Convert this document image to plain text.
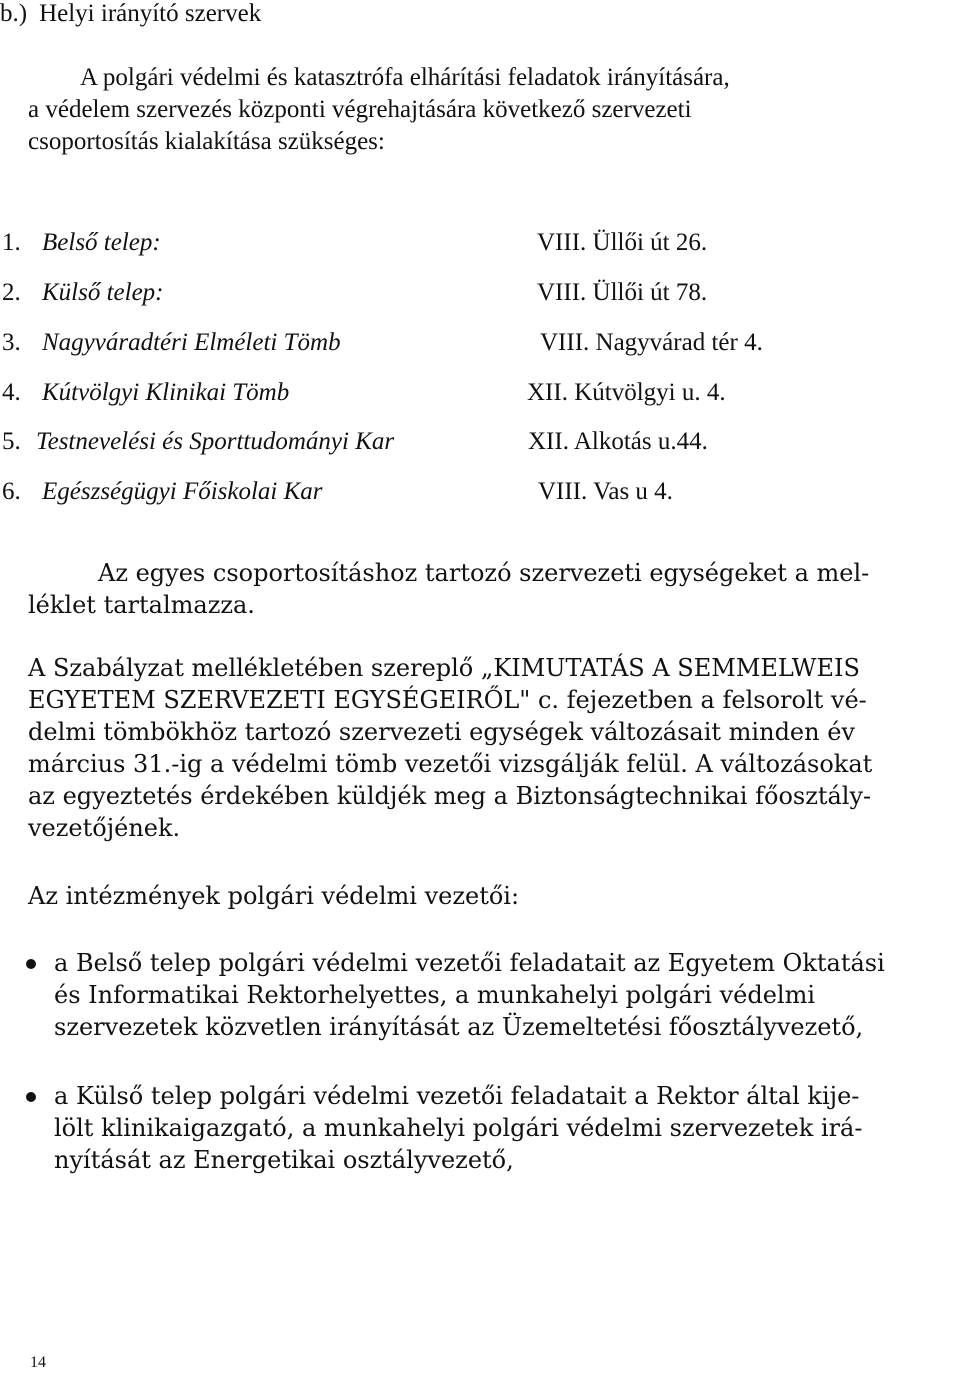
b.) Helyi irányító szervek
A polgári védelmi és katasztrófa elhárítási feladatok irányítására,
a védelem szervezés központi végrehajtására következő szervezeti
csoportosítás kialakítása szükséges:
1. Belső telep:	VIII. Üllői út 26.
2. Külső telep:	VIII. Üllői út 78.
3. Nagyváradtéri Elméleti Tömb	VIII. Nagyvárad tér 4.
4. Kútvölgyi Klinikai Tömb	XII. Kútvölgyi u. 4.
5. Testnevelési és Sporttudományi Kar	XII. Alkotás u.44.
6. Egészségügyi Főiskolai Kar	VIII. Vas u 4.
Az egyes csoportosításhoz tartozó szervezeti egységeket a mel-
léklet tartalmazza.
A Szabályzat mellékletében szereplő „KIMUTATÁS A SEMMELWEIS
EGYETEM SZERVEZETI EGYSÉGEIRŐL" c. fejezetben a felsorolt vé-
delmi tömbökhöz tartozó szervezeti egységek változásait minden év
március 31.-ig a védelmi tömb vezetői vizsgálják felül. A változásokat
az egyeztetés érdekében küldjék meg a Biztonságtechnikai főosztály-
vezetőjének.
Az intézmények polgári védelmi vezetői:
a Belső telep polgári védelmi vezetői feladatait az Egyetem Oktatási
és Informatikai Rektorhelyettes, a munkahelyi polgári védelmi
szervezetek közvetlen irányítását az Üzemeltetési főosztályvezető,
a Külső telep polgári védelmi vezetői feladatait a Rektor által kije-
lölt klinikaigazgató, a munkahelyi polgári védelmi szervezetek irá-
nyítását az Energetikai osztályvezető,
14
